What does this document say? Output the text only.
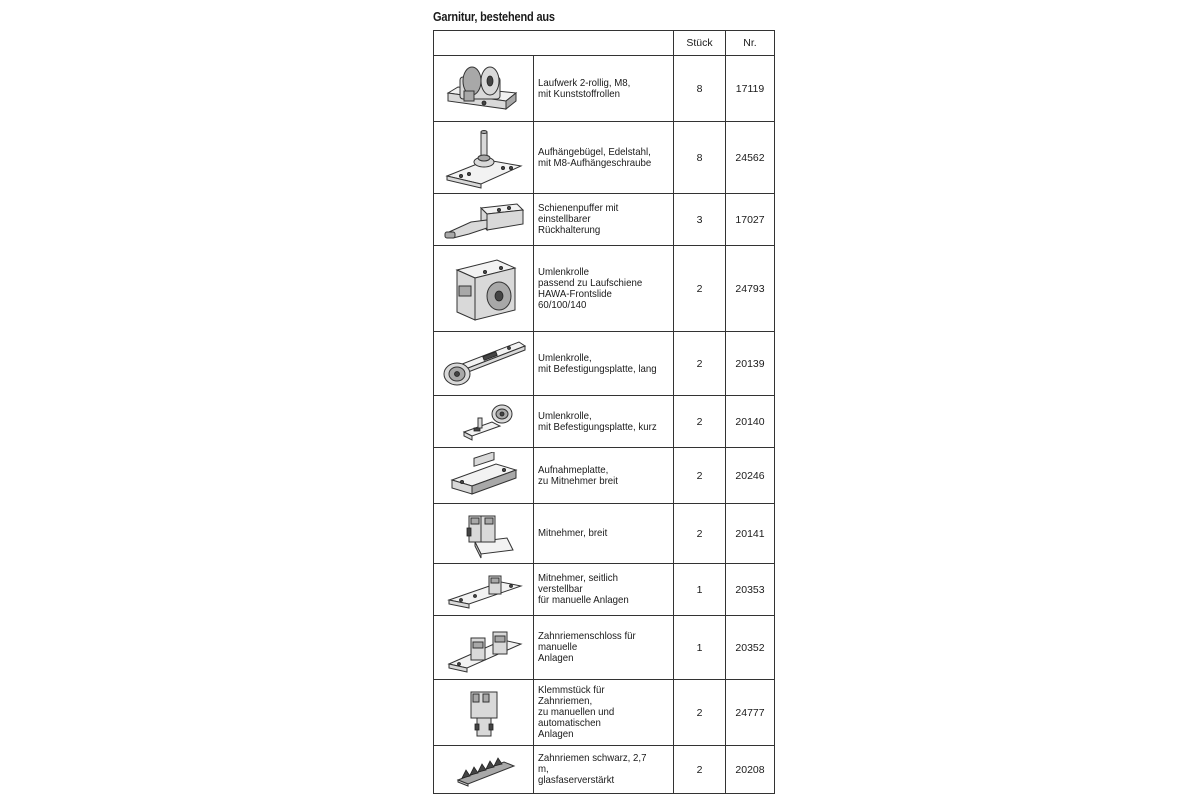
Garnitur, bestehend aus
		Stück	Nr.

	Laufwerk 2-rollig, M8,
mit Kunststoffrollen	8	17119

	Aufhängebügel, Edelstahl,
mit M8-Aufhängeschraube	8	24562

	Schienenpuffer mit einstellbarer
Rückhalterung	3	17027

	Umlenkrolle
passend zu Laufschiene
HAWA-Frontslide 60/100/140	2	24793

	Umlenkrolle,
mit Befestigungsplatte, lang	2	20139

	Umlenkrolle,
mit Befestigungsplatte, kurz	2	20140

	Aufnahmeplatte,
zu Mitnehmer breit	2	20246

	Mitnehmer, breit	2	20141

	Mitnehmer, seitlich verstellbar
für manuelle Anlagen	1	20353

	Zahnriemenschloss für manuelle
Anlagen	1	20352

	Klemmstück für Zahnriemen,
zu manuellen und automatischen
Anlagen	2	24777

	Zahnriemen schwarz, 2,7 m,
glasfaserverstärkt	2	20208
